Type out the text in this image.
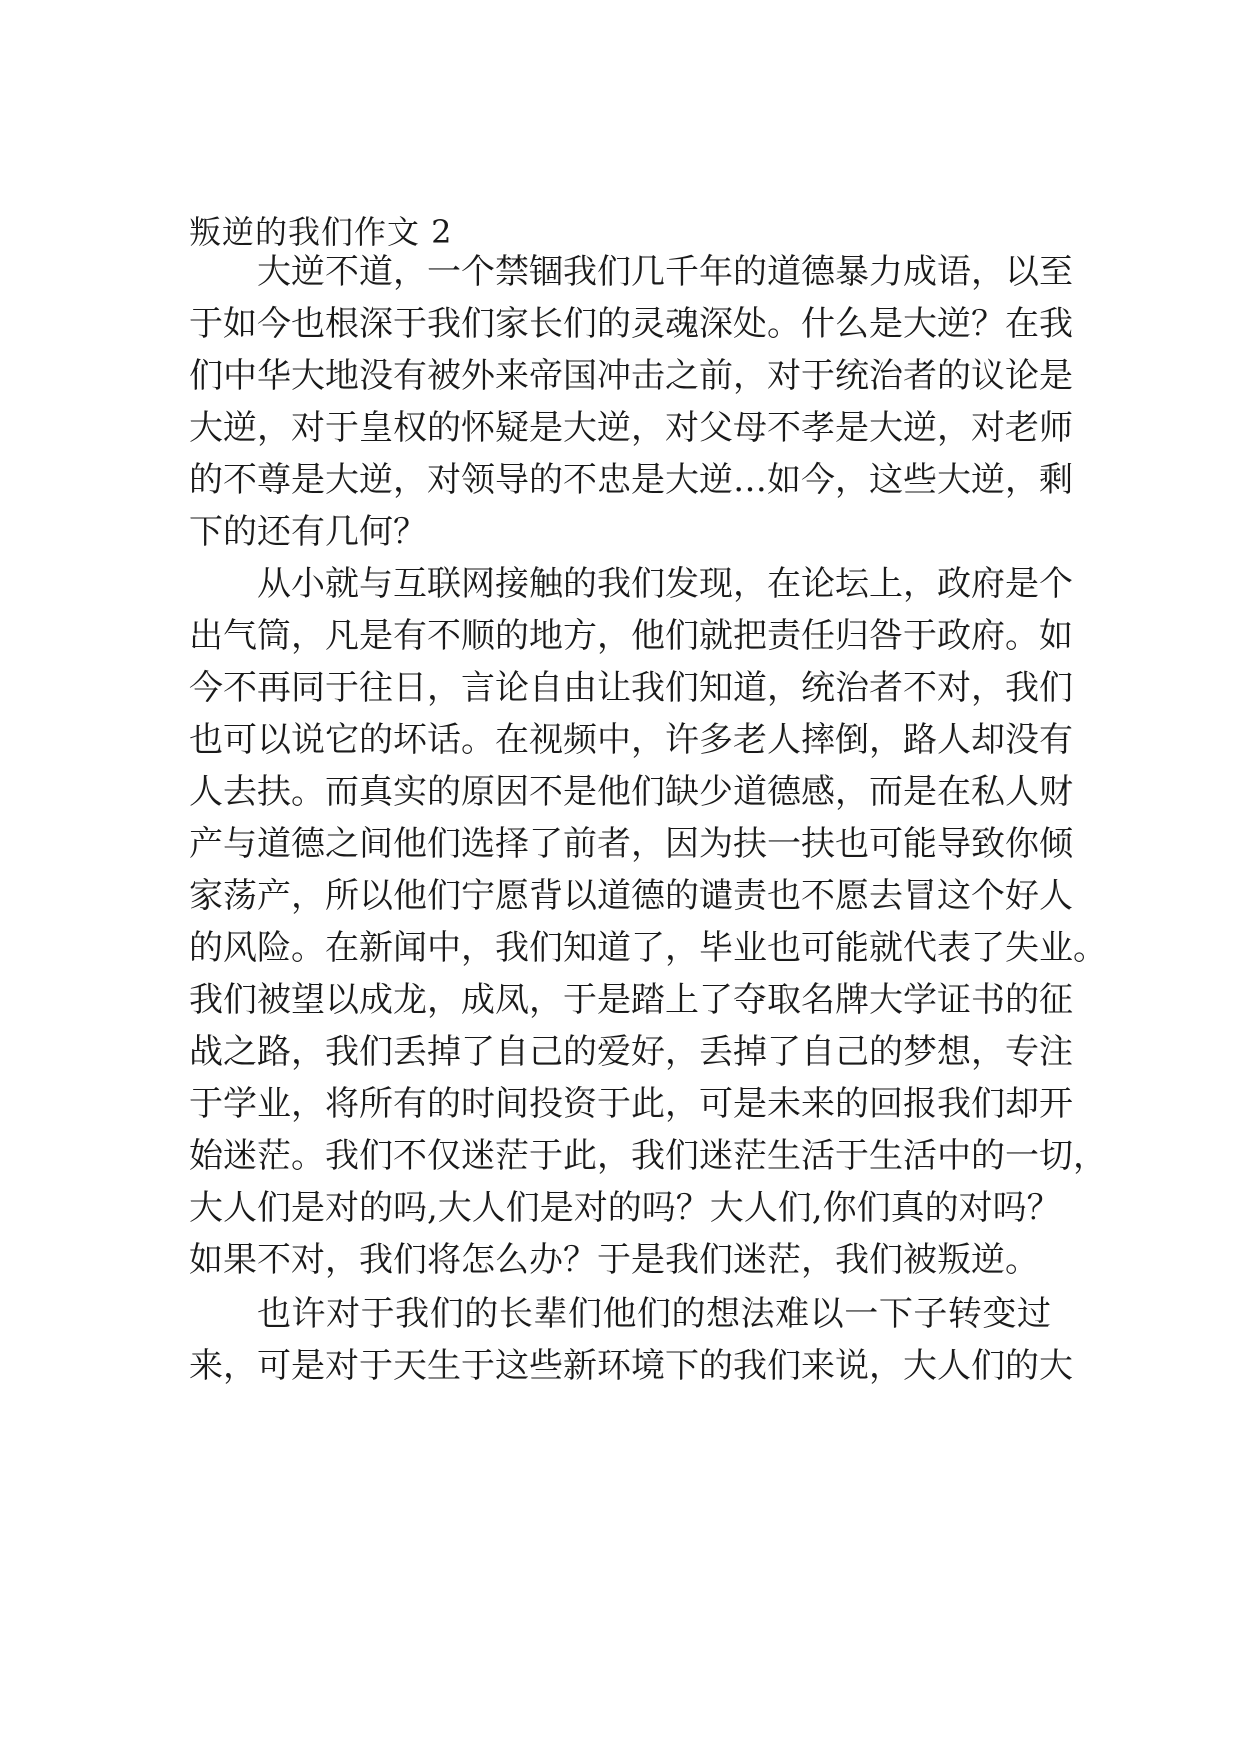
叛逆的我们作文 2

大逆不道，一个禁锢我们几千年的道德暴力成语，以至

于如今也根深于我们家长们的灵魂深处。什么是大逆？在我

们中华大地没有被外来帝国冲击之前，对于统治者的议论是

大逆，对于皇权的怀疑是大逆，对父母不孝是大逆，对老师

的不尊是大逆，对领导的不忠是大逆…如今，这些大逆，剩

下的还有几何？

从小就与互联网接触的我们发现，在论坛上，政府是个

出气筒，凡是有不顺的地方，他们就把责任归咎于政府。如

今不再同于往日，言论自由让我们知道，统治者不对，我们

也可以说它的坏话。在视频中，许多老人摔倒，路人却没有

人去扶。而真实的原因不是他们缺少道德感，而是在私人财

产与道德之间他们选择了前者，因为扶一扶也可能导致你倾

家荡产，所以他们宁愿背以道德的谴责也不愿去冒这个好人

的风险。在新闻中，我们知道了，毕业也可能就代表了失业。

我们被望以成龙，成凤，于是踏上了夺取名牌大学证书的征

战之路，我们丢掉了自己的爱好，丢掉了自己的梦想，专注

于学业，将所有的时间投资于此，可是未来的回报我们却开

始迷茫。我们不仅迷茫于此，我们迷茫生活于生活中的一切，

大人们是对的吗,大人们是对的吗？大人们,你们真的对吗？

如果不对，我们将怎么办？于是我们迷茫，我们被叛逆。

也许对于我们的长辈们他们的想法难以一下子转变过

来，可是对于天生于这些新环境下的我们来说，大人们的大
